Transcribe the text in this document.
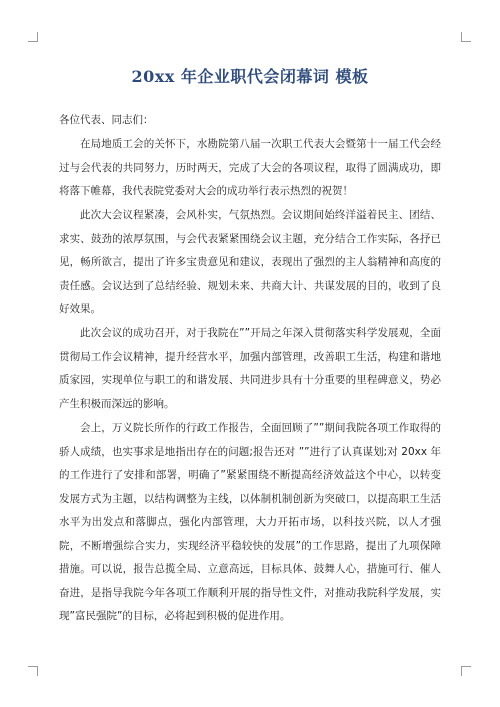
20xx 年企业职代会闭幕词 模板
各位代表、同志们：

在局地质工会的关怀下，水勘院第八届一次职工代表大会暨第十一届工代会经过与会代表的共同努力，历时两天，完成了大会的各项议程，取得了圆满成功，即将落下帷幕，我代表院党委对大会的成功举行表示热烈的祝贺！

此次大会议程紧凑，会风朴实，气氛热烈。会议期间始终洋溢着民主、团结、求实、鼓劲的浓厚氛围，与会代表紧紧围绕会议主题，充分结合工作实际，各抒已见，畅所欲言，提出了许多宝贵意见和建议，表现出了强烈的主人翁精神和高度的责任感。会议达到了总结经验、规划未来、共商大计、共谋发展的目的，收到了良好效果。

此次会议的成功召开，对于我院在””开局之年深入贯彻落实科学发展观，全面贯彻局工作会议精神，提升经营水平，加强内部管理，改善职工生活，构建和谐地质家园，实现单位与职工的和谐发展、共同进步具有十分重要的里程碑意义，势必产生积极而深远的影响。

会上，万义院长所作的行政工作报告，全面回顾了””期间我院各项工作取得的骄人成绩，也实事求是地指出存在的问题;报告还对 ””进行了认真谋划;对 20xx 年的工作进行了安排和部署，明确了”紧紧围绕不断提高经济效益这个中心，以转变发展方式为主题，以结构调整为主线，以体制机制创新为突破口，以提高职工生活水平为出发点和落脚点，强化内部管理，大力开拓市场，以科技兴院，以人才强院，不断增强综合实力，实现经济平稳较快的发展”的工作思路，提出了九项保障措施。可以说，报告总揽全局、立意高远，目标具体、鼓舞人心，措施可行、催人奋进，是指导我院今年各项工作顺利开展的指导性文件，对推动我院科学发展，实现”富民强院”的目标，必将起到积极的促进作用。
